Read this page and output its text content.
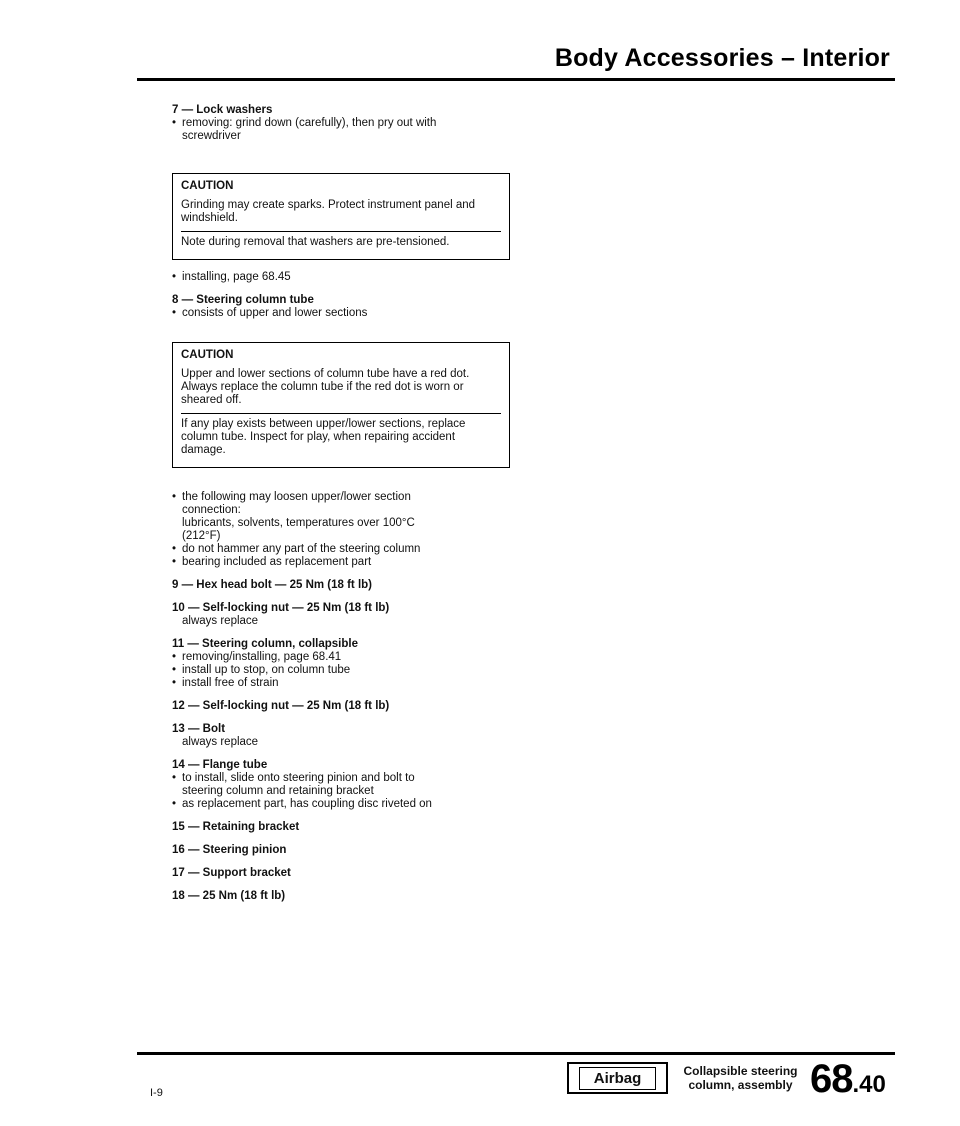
Body Accessories – Interior
7 — Lock washers
• removing: grind down (carefully), then pry out with
screwdriver
CAUTION
Grinding may create sparks. Protect instrument panel and windshield.
Note during removal that washers are pre-tensioned.
• installing, page 68.45
8 — Steering column tube
• consists of upper and lower sections
CAUTION
Upper and lower sections of column tube have a red dot. Always replace the column tube if the red dot is worn or sheared off.
If any play exists between upper/lower sections, replace column tube. Inspect for play, when repairing accident damage.
• the following may loosen upper/lower section
connection:
lubricants, solvents, temperatures over 100°C
(212°F)
• do not hammer any part of the steering column
• bearing included as replacement part
9 — Hex head bolt — 25 Nm (18 ft lb)
10 — Self-locking nut — 25 Nm (18 ft lb)
always replace
11 — Steering column, collapsible
• removing/installing, page 68.41
• install up to stop, on column tube
• install free of strain
12 — Self-locking nut — 25 Nm (18 ft lb)
13 — Bolt
always replace
14 — Flange tube
• to install, slide onto steering pinion and bolt to
steering column and retaining bracket
• as replacement part, has coupling disc riveted on
15 — Retaining bracket
16 — Steering pinion
17 — Support bracket
18 — 25 Nm (18 ft lb)
I-9
Airbag	Collapsible steering
column, assembly 68.40
